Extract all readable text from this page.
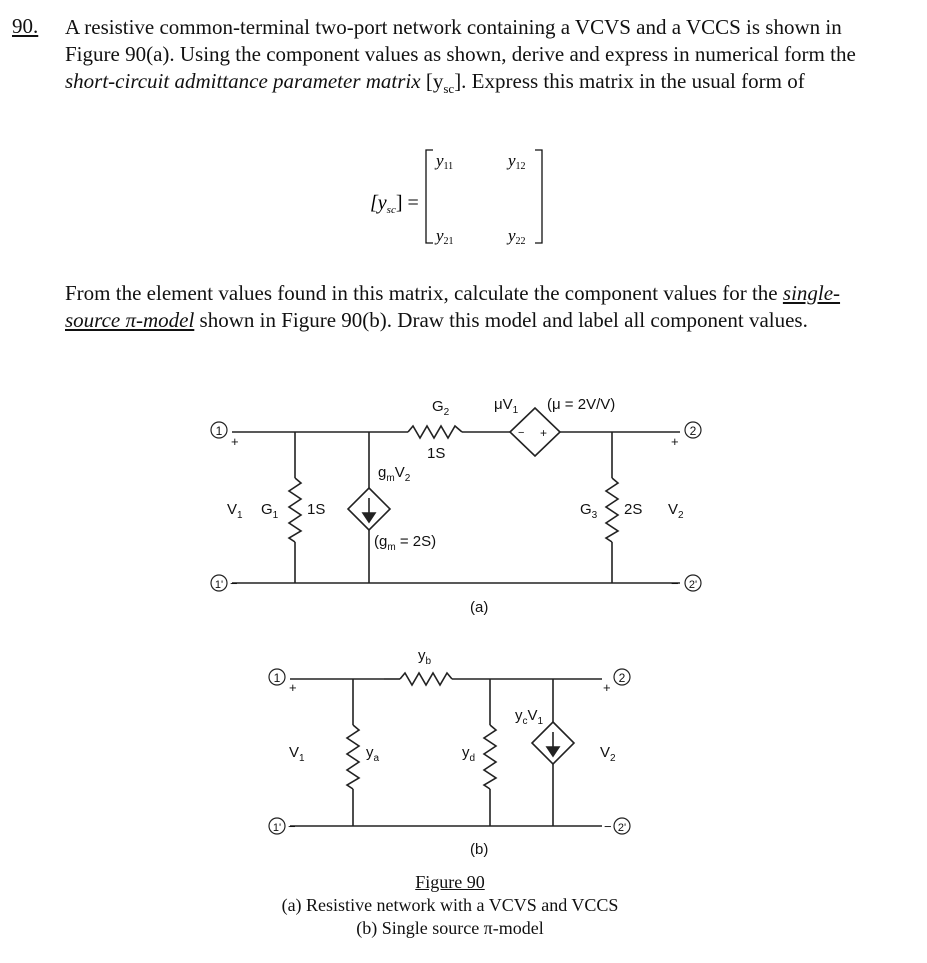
90. A resistive common-terminal two-port network containing a VCVS and a VCCS is shown in Figure 90(a). Using the component values as shown, derive and express in numerical form the short-circuit admittance parameter matrix $[y_{sc}]$. Express this matrix in the usual form of

From the element values found in this matrix, calculate the component values for the single-source π-model shown in Figure 90(b). Draw this model and label all component values.

$[y_{sc}]$ =
y11	y12
y21	y22
1
1'
2
2'
+
−
+
−
$V_1$ $G_1$ 1S
$G_2$
1S
$g_mV_2$
$(g_m = 2S)$
$\mu V_1$ (μ = 2V/V)
− +
$G_3$ 2S $V_2$
(a)
1
1'
2
2'
+
−
+
−
$V_1$	$y_a$
$y_b$
$y_d$
$y_cV_1$
$V_2$
(b)
Figure 90
(a) Resistive network with a VCVS and VCCS
(b) Single source π-model
